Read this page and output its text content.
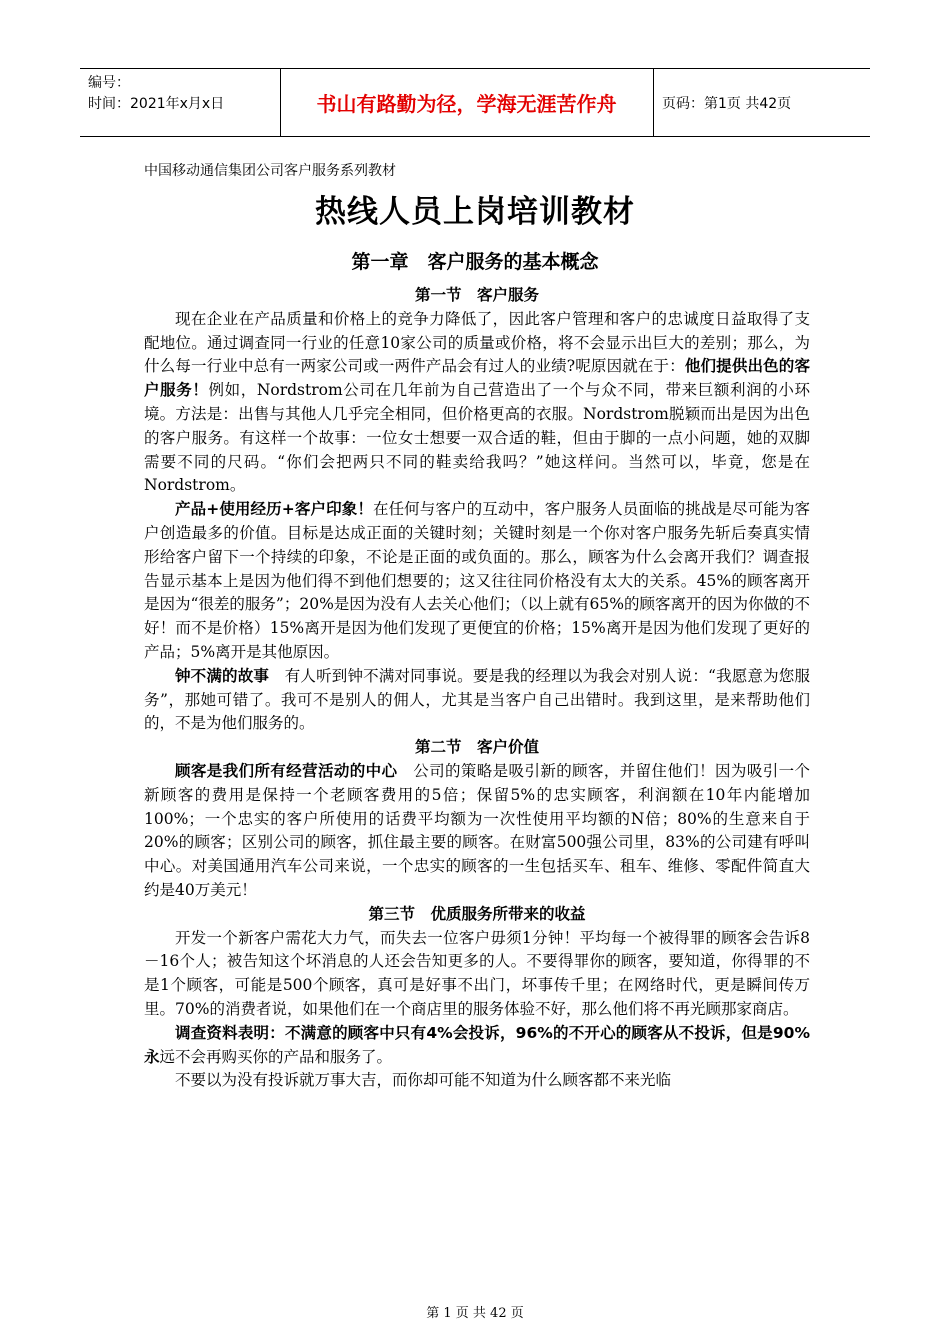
编号：
时间：2021年x月x日	书山有路勤为径，学海无涯苦作舟	页码：第1页 共42页
中国移动通信集团公司客户服务系列教材
热线人员上岗培训教材
第一章　客户服务的基本概念
第一节　客户服务

现在企业在产品质量和价格上的竞争力降低了，因此客户管理和客户的忠诚度日益取得了支配地位。通过调查同一行业的任意10家公司的质量或价格，将不会显示出巨大的差别；那么，为什么每一行业中总有一两家公司或一两件产品会有过人的业绩?呢原因就在于：他们提供出色的客户服务！例如，Nordstrom公司在几年前为自己营造出了一个与众不同，带来巨额利润的小环境。方法是：出售与其他人几乎完全相同，但价格更高的衣服。Nordstrom脱颖而出是因为出色的客户服务。有这样一个故事：一位女士想要一双合适的鞋，但由于脚的一点小问题，她的双脚需要不同的尺码。“你们会把两只不同的鞋卖给我吗？”她这样问。当然可以，毕竟，您是在Nordstrom。

产品+使用经历+客户印象！在任何与客户的互动中，客户服务人员面临的挑战是尽可能为客户创造最多的价值。目标是达成正面的关键时刻；关键时刻是一个你对客户服务先斩后奏真实情形给客户留下一个持续的印象，不论是正面的或负面的。那么，顾客为什么会离开我们？调查报告显示基本上是因为他们得不到他们想要的；这又往往同价格没有太大的关系。45%的顾客离开是因为“很差的服务”；20%是因为没有人去关心他们；（以上就有65%的顾客离开的因为你做的不好！而不是价格）15%离开是因为他们发现了更便宜的价格；15%离开是因为他们发现了更好的产品；5%离开是其他原因。

钟不满的故事　有人听到钟不满对同事说。要是我的经理以为我会对别人说：“我愿意为您服务”，那她可错了。我可不是别人的佣人，尤其是当客户自己出错时。我到这里，是来帮助他们的，不是为他们服务的。

第二节　客户价值

顾客是我们所有经营活动的中心　公司的策略是吸引新的顾客，并留住他们！因为吸引一个新顾客的费用是保持一个老顾客费用的5倍；保留5%的忠实顾客，利润额在10年内能增加100%；一个忠实的客户所使用的话费平均额为一次性使用平均额的N倍；80%的生意来自于20%的顾客；区别公司的顾客，抓住最主要的顾客。在财富500强公司里，83%的公司建有呼叫中心。对美国通用汽车公司来说，一个忠实的顾客的一生包括买车、租车、维修、零配件简直大约是40万美元！

第三节　优质服务所带来的收益

开发一个新客户需花大力气，而失去一位客户毋须1分钟！平均每一个被得罪的顾客会告诉8－16个人；被告知这个坏消息的人还会告知更多的人。不要得罪你的顾客，要知道，你得罪的不是1个顾客，可能是500个顾客，真可是好事不出门，坏事传千里；在网络时代，更是瞬间传万里。70%的消费者说，如果他们在一个商店里的服务体验不好，那么他们将不再光顾那家商店。

调查资料表明：不满意的顾客中只有4%会投诉，96%的不开心的顾客从不投诉，但是90%永远不会再购买你的产品和服务了。

不要以为没有投诉就万事大吉，而你却可能不知道为什么顾客都不来光临

第 1 页 共 42 页
